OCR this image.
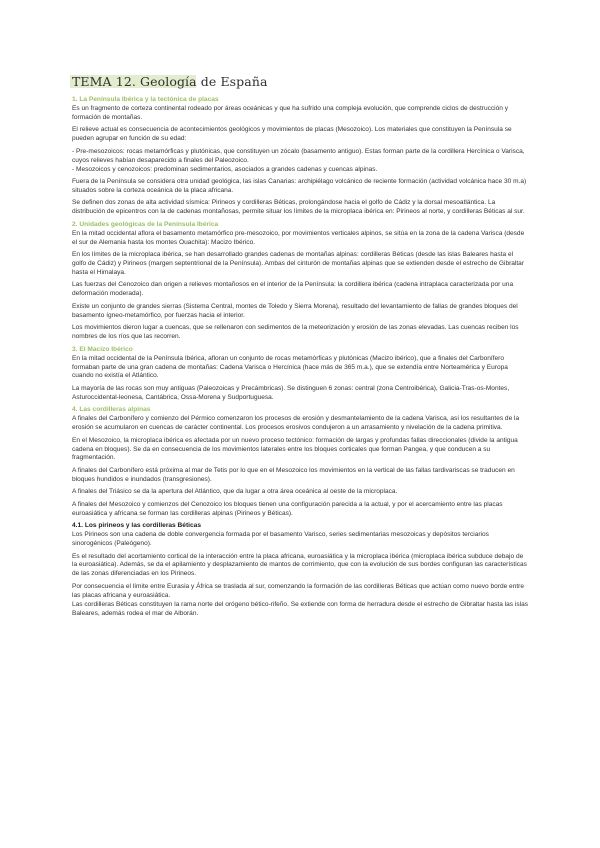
TEMA 12. Geología de España
1. La Península Ibérica y la tectónica de placas

Es un fragmento de corteza continental rodeado por áreas oceánicas y que ha sufrido una compleja evolución, que comprende ciclos de destrucción y formación de montañas.

El relieve actual es consecuencia de acontecimientos geológicos y movimientos de placas (Mesozoico). Los materiales que constituyen la Península se pueden agrupar en función de su edad:

- Pre-mesozoicos: rocas metamórficas y plutónicas, que constituyen un zócalo (basamento antiguo). Estas forman parte de la cordillera Hercínica o Varisca, cuyos relieves habían desaparecido a finales del Paleozoico.

- Mesozoicos y cenozoicos: predominan sedimentarios, asociados a grandes cadenas y cuencas alpinas.

Fuera de la Península se considera otra unidad geológica, las islas Canarias: archipiélago volcánico de reciente formación (actividad volcánica hace 30 m.a) situados sobre la corteza oceánica de la placa africana.

Se definen dos zonas de alta actividad sísmica: Pirineos y cordilleras Béticas, prolongándose hacia el golfo de Cádiz y la dorsal mesoatlántica. La distribución de epicentros con la de cadenas montañosas, permite situar los límites de la microplaca ibérica en: Pirineos al norte, y cordilleras Béticas al sur.

2. Unidades geológicas de la Península Ibérica

En la mitad occidental aflora el basamento metamórfico pre-mesozoico, por movimientos verticales alpinos, se sitúa en la zona de la cadena Varisca (desde el sur de Alemania hasta los montes Ouachita): Macizo Ibérico.

En los límites de la microplaca ibérica, se han desarrollado grandes cadenas de montañas alpinas: cordilleras Béticas (desde las islas Baleares hasta el golfo de Cádiz) y Pirineos (margen septentrional de la Península). Ambas del cinturón de montañas alpinas que se extienden desde el estrecho de Gibraltar hasta el Himalaya.

Las fuerzas del Cenozoico dan origen a relieves montañosos en el interior de la Península: la cordillera ibérica (cadena intraplaca caracterizada por una deformación moderada).

Existe un conjunto de grandes sierras (Sistema Central, montes de Toledo y Sierra Morena), resultado del levantamiento de fallas de grandes bloques del basamento ígneo-metamórfico, por fuerzas hacia el interior.

Los movimientos dieron lugar a cuencas, que se rellenaron con sedimentos de la meteorización y erosión de las zonas elevadas. Las cuencas reciben los nombres de los ríos que las recorren.

3. El Macizo Ibérico

En la mitad occidental de la Península Ibérica, afloran un conjunto de rocas metamórficas y plutónicas (Macizo ibérico), que a finales del Carbonífero formaban parte de una gran cadena de montañas: Cadena Varisca o Hercínica (hace más de 365 m.a.), que se extendía entre Norteamérica y Europa cuando no existía el Atlántico.

La mayoría de las rocas son muy antiguas (Paleozoicas y Precámbricas). Se distinguen 6 zonas: central (zona Centroibérica), Galicia-Tras-os-Montes, Asturoccidental-leonesa, Cantábrica, Ossa-Morena y Sudportuguesa.

4. Las cordilleras alpinas

A finales del Carbonífero y comienzo del Pérmico comenzaron los procesos de erosión y desmantelamiento de la cadena Varisca, así los resultantes de la erosión se acumularon en cuencas de carácter continental. Los procesos erosivos condujeron a un arrasamiento y nivelación de la cadena primitiva.

En el Mesozoico, la microplaca ibérica es afectada por un nuevo proceso tectónico: formación de largas y profundas fallas direccionales (divide la antigua cadena en bloques). Se da en consecuencia de los movimientos laterales entre los bloques corticales que forman Pangea, y que conducen a su fragmentación.

A finales del Carbonífero está próxima al mar de Tetis por lo que en el Mesozoico los movimientos en la vertical de las fallas tardivariscas se traducen en bloques hundidos e inundados (transgresiones).

A finales del Triásico se da la apertura del Atlántico, que da lugar a otra área oceánica al oeste de la microplaca.

A finales del Mesozoico y comienzos del Cenozoico los bloques tienen una configuración parecida a la actual, y por el acercamiento entre las placas euroasiática y africana se forman las cordilleras alpinas (Pirineos y Béticas).

4.1. Los pirineos y las cordilleras Béticas

Los Pirineos son una cadena de doble convergencia formada por el basamento Varisco, series sedimentarias mesozoicas y depósitos terciarios sinorogénicos (Paleógeno).

Es el resultado del acortamiento cortical de la interacción entre la placa africana, euroasiática y la microplaca ibérica (microplaca ibérica subduce debajo de la euroasiática). Además, se da el apilamiento y desplazamiento de mantos de corrimiento, que con la evolución de sus bordes configuran las características de las zonas diferenciadas en los Pirineos.

Por consecuencia el límite entre Eurasia y África se traslada al sur, comenzando la formación de las cordilleras Béticas que actúan como nuevo borde entre las placas africana y euroasiática.

Las cordilleras Béticas constituyen la rama norte del orógeno bético-rifeño. Se extiende con forma de herradura desde el estrecho de Gibraltar hasta las islas Baleares, además rodea el mar de Alborán.
